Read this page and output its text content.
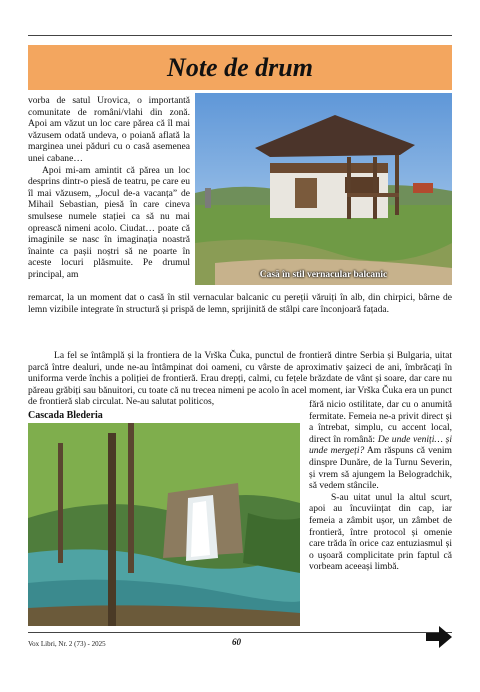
Note de drum

vorba de satul Urovica, o importantă comunitate de români/vlahi din zonă. Apoi am văzut un loc care părea că îl mai văzusem odată undeva, o poiană aflată la marginea unei păduri cu o casă asemenea unei cabane…

Apoi mi-am amintit că părea un loc desprins dintr-o piesă de teatru, pe care eu îl mai văzusem, „Jocul de-a vacanța” de Mihail Sebastian, piesă în care cineva smulsese numele stației ca să nu mai oprească nimeni acolo. Ciudat… poate că imaginile se nasc în imaginația noastră înainte ca pașii noștri să ne poarte în aceste locuri plăsmuite. Pe drumul principal, am	Casă în stil vernacular balcanic
remarcat, la un moment dat o casă în stil vernacular balcanic cu pereții văruiți în alb, din chirpici, bârne de lemn vizibile integrate în structură și prispă de lemn, sprijinită de stâlpi care înconjoară fațada.
La fel se întâmplă și la frontiera de la Vrška Čuka, punctul de frontieră dintre Serbia și Bulgaria, uitat parcă între dealuri, unde ne-au întâmpinat doi oameni, cu vârste de aproximativ șaizeci de ani, îmbrăcați în uniforma verde închis a poliției de frontieră. Erau drepți, calmi, cu fețele brăzdate de vânt și soare, dar care nu păreau grăbiți sau bănuitori, cu toate că nu trecea nimeni pe acolo în acel moment, iar Vrška Čuka era un punct de frontieră slab circulat. Ne-au salutat politicos,
Cascada Blederia

fără nicio ostilitate, dar cu o anumită fermitate. Femeia ne-a privit direct și a întrebat, simplu, cu accent local, direct în română: De unde veniți… și unde mergeți? Am răspuns că venim dinspre Dunăre, de la Turnu Severin, și vrem să ajungem la Belogradchik, să vedem stâncile.

S-au uitat unul la altul scurt, apoi au încuviințat din cap, iar femeia a zâmbit ușor, un zâmbet de frontieră, între protocol și omenie care trăda în orice caz entuziasmul și o ușoară complicitate prin faptul că vorbeam aceeași limbă.

Vox Libri, Nr. 2 (73) - 2025	60
